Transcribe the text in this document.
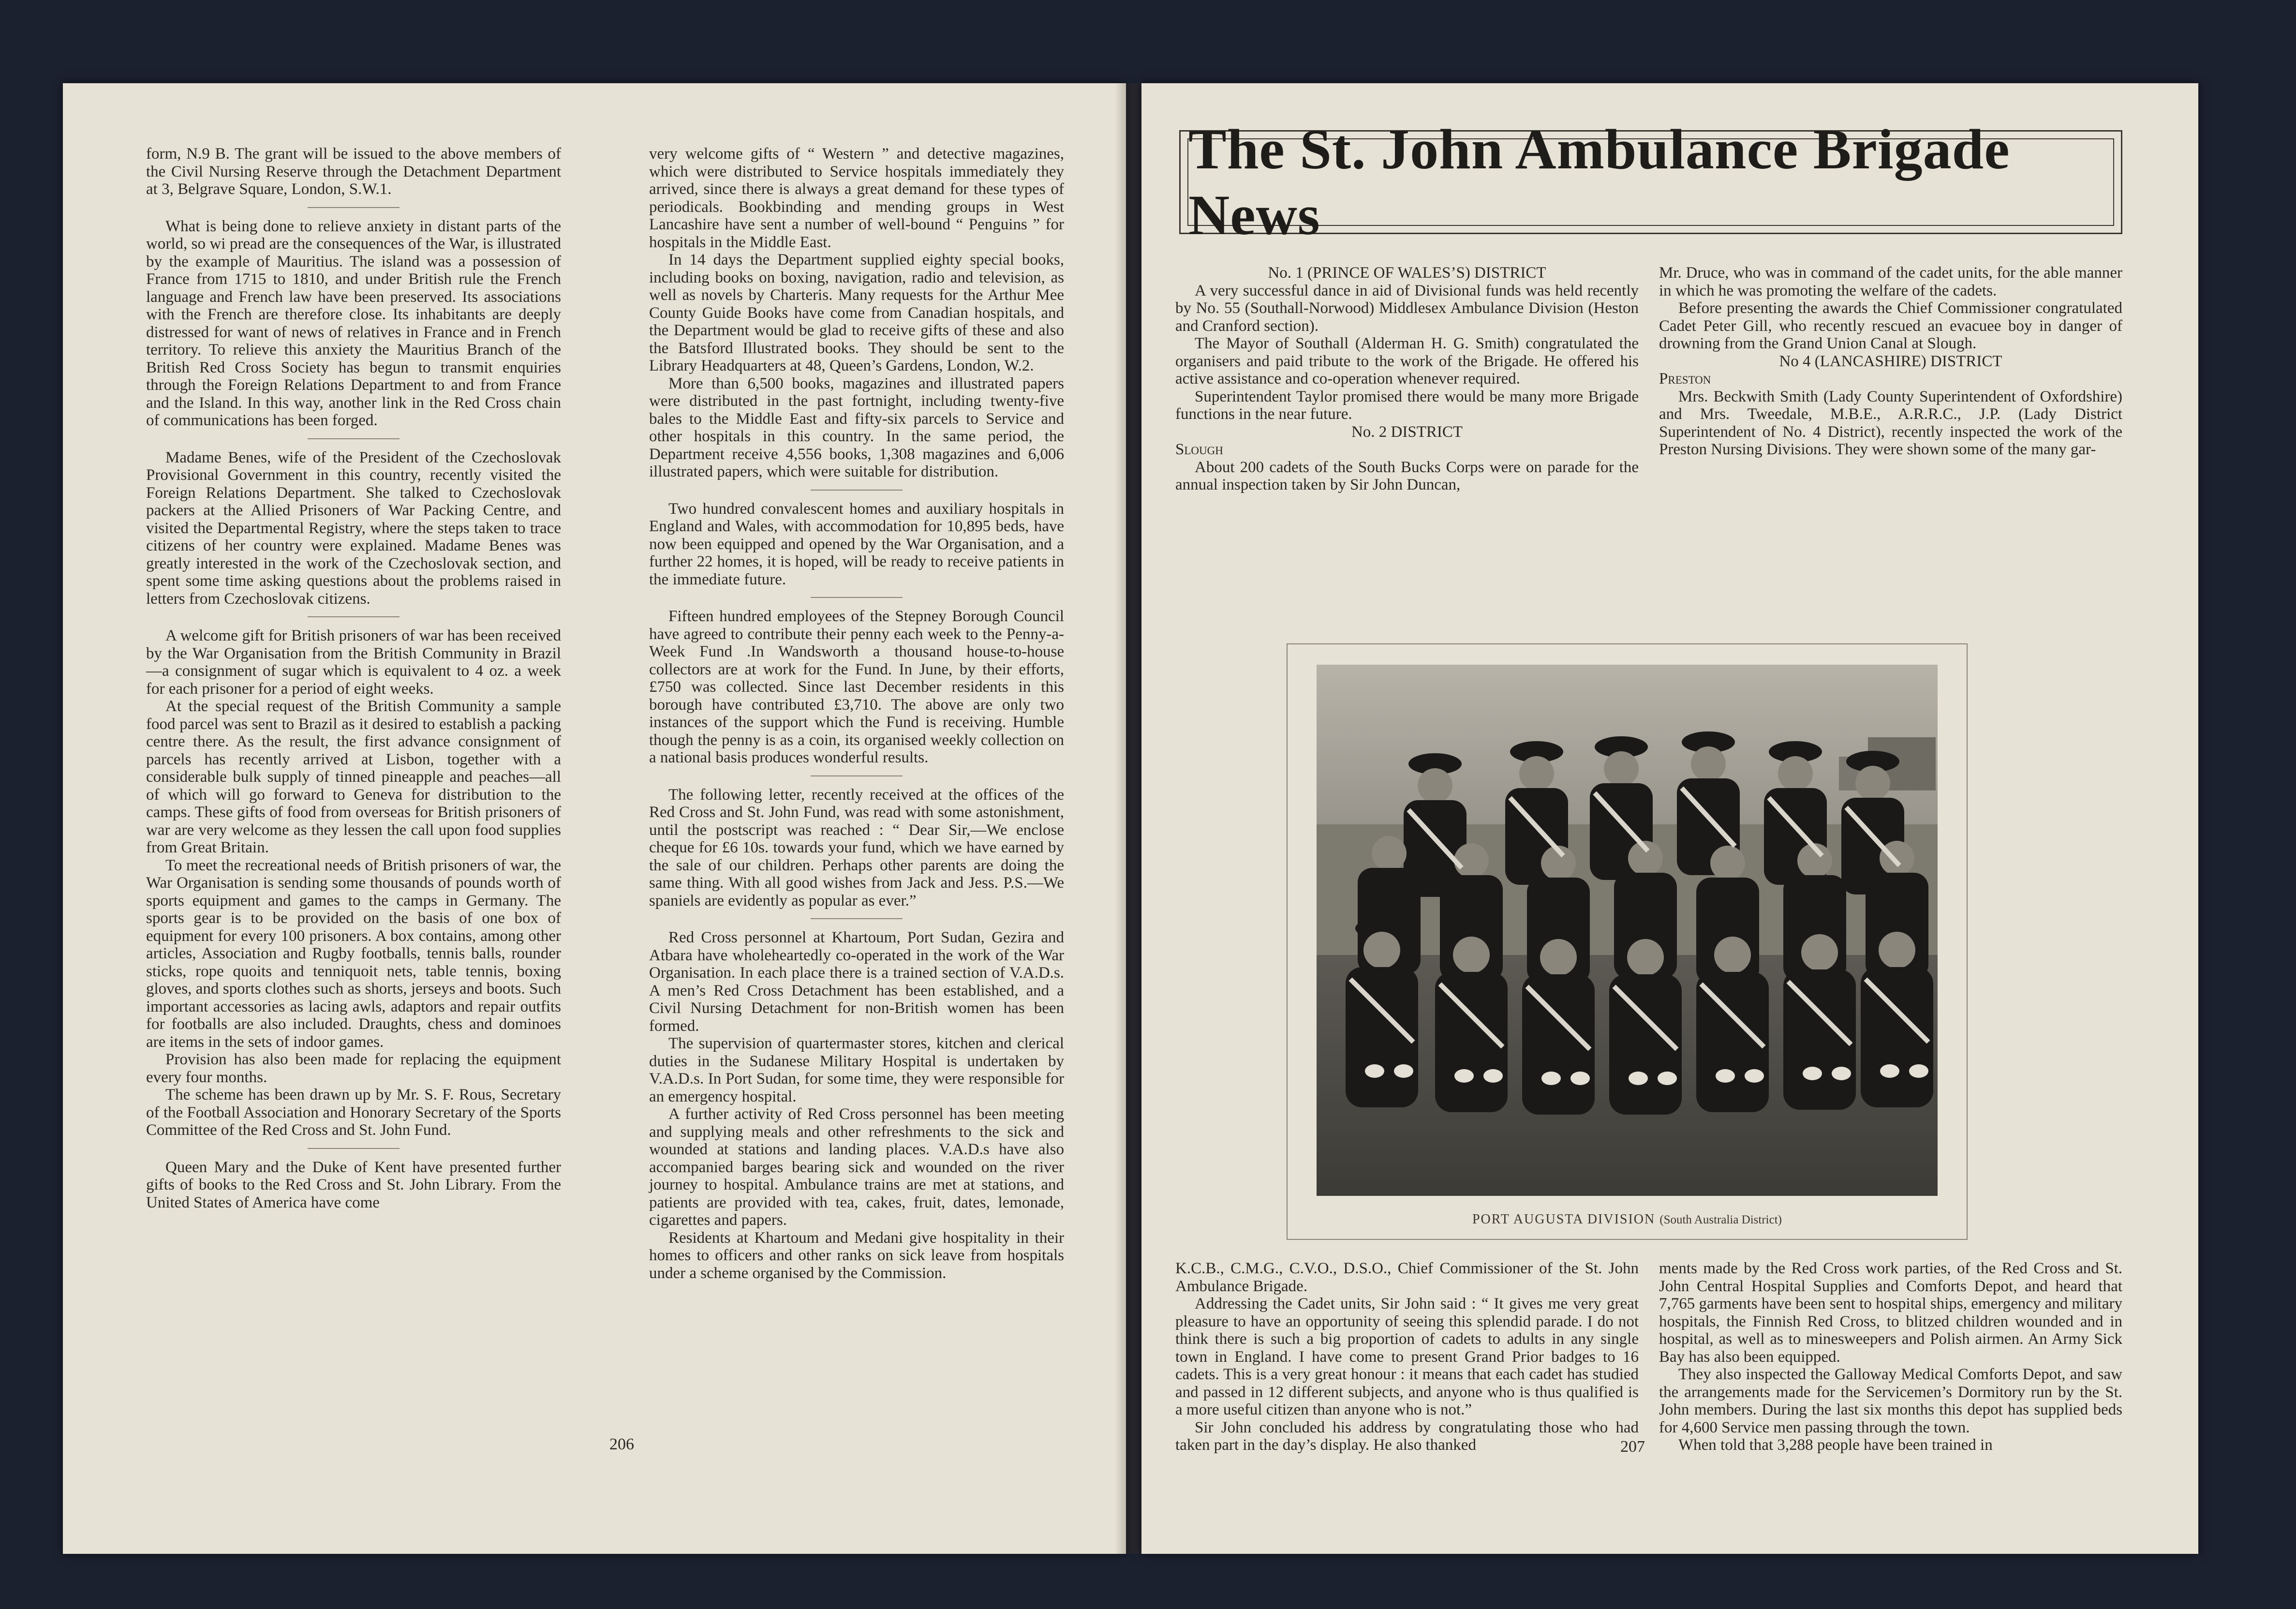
form, N.9 B. The grant will be issued to the above members of the Civil Nursing Reserve through the Detachment Department at 3, Belgrave Square, London, S.W.1.

What is being done to relieve anxiety in distant parts of the world, so wi pread are the consequences of the War, is illustrated by the example of Mauritius. The island was a possession of France from 1715 to 1810, and under British rule the French language and French law have been preserved. Its associations with the French are therefore close. Its inhabitants are deeply distressed for want of news of relatives in France and in French territory. To relieve this anxiety the Mauritius Branch of the British Red Cross Society has begun to transmit enquiries through the Foreign Relations Department to and from France and the Island. In this way, another link in the Red Cross chain of communications has been forged.

Madame Benes, wife of the President of the Czechoslovak Provisional Government in this country, recently visited the Foreign Relations Department. She talked to Czechoslovak packers at the Allied Prisoners of War Packing Centre, and visited the Departmental Registry, where the steps taken to trace citizens of her country were explained. Madame Benes was greatly interested in the work of the Czechoslovak section, and spent some time asking questions about the problems raised in letters from Czechoslovak citizens.

A welcome gift for British prisoners of war has been received by the War Organisation from the British Community in Brazil—a consignment of sugar which is equivalent to 4 oz. a week for each prisoner for a period of eight weeks.

At the special request of the British Community a sample food parcel was sent to Brazil as it desired to establish a packing centre there. As the result, the first advance consignment of parcels has recently arrived at Lisbon, together with a considerable bulk supply of tinned pineapple and peaches—all of which will go forward to Geneva for distribution to the camps. These gifts of food from overseas for British prisoners of war are very welcome as they lessen the call upon food supplies from Great Britain.

To meet the recreational needs of British prisoners of war, the War Organisation is sending some thousands of pounds worth of sports equipment and games to the camps in Germany. The sports gear is to be provided on the basis of one box of equipment for every 100 prisoners. A box contains, among other articles, Association and Rugby footballs, tennis balls, rounder sticks, rope quoits and tenniquoit nets, table tennis, boxing gloves, and sports clothes such as shorts, jerseys and boots. Such important accessories as lacing awls, adaptors and repair outfits for footballs are also included. Draughts, chess and dominoes are items in the sets of indoor games.

Provision has also been made for replacing the equipment every four months.

The scheme has been drawn up by Mr. S. F. Rous, Secretary of the Football Association and Honorary Secretary of the Sports Committee of the Red Cross and St. John Fund.

Queen Mary and the Duke of Kent have presented further gifts of books to the Red Cross and St. John Library. From the United States of America have come

very welcome gifts of “ Western ” and detective magazines, which were distributed to Service hospitals immediately they arrived, since there is always a great demand for these types of periodicals. Bookbinding and mending groups in West Lancashire have sent a number of well-bound “ Penguins ” for hospitals in the Middle East.

In 14 days the Department supplied eighty special books, including books on boxing, navigation, radio and television, as well as novels by Charteris. Many requests for the Arthur Mee County Guide Books have come from Canadian hospitals, and the Department would be glad to receive gifts of these and also the Batsford Illustrated books. They should be sent to the Library Headquarters at 48, Queen’s Gardens, London, W.2.

More than 6,500 books, magazines and illustrated papers were distributed in the past fortnight, including twenty-five bales to the Middle East and fifty-six parcels to Service and other hospitals in this country. In the same period, the Department receive 4,556 books, 1,308 magazines and 6,006 illustrated papers, which were suitable for distribution.

Two hundred convalescent homes and auxiliary hospitals in England and Wales, with accommodation for 10,895 beds, have now been equipped and opened by the War Organisation, and a further 22 homes, it is hoped, will be ready to receive patients in the immediate future.

Fifteen hundred employees of the Stepney Borough Council have agreed to contribute their penny each week to the Penny-a-Week Fund .In Wandsworth a thousand house-to-house collectors are at work for the Fund. In June, by their efforts, £750 was collected. Since last December residents in this borough have contributed £3,710. The above are only two instances of the support which the Fund is receiving. Humble though the penny is as a coin, its organised weekly collection on a national basis produces wonderful results.

The following letter, recently received at the offices of the Red Cross and St. John Fund, was read with some astonishment, until the postscript was reached : “ Dear Sir,—We enclose cheque for £6 10s. towards your fund, which we have earned by the sale of our children. Perhaps other parents are doing the same thing. With all good wishes from Jack and Jess. P.S.—We spaniels are evidently as popular as ever.”

Red Cross personnel at Khartoum, Port Sudan, Gezira and Atbara have wholeheartedly co-operated in the work of the War Organisation. In each place there is a trained section of V.A.D.s. A men’s Red Cross Detachment has been established, and a Civil Nursing Detachment for non-British women has been formed.

The supervision of quartermaster stores, kitchen and clerical duties in the Sudanese Military Hospital is undertaken by V.A.D.s. In Port Sudan, for some time, they were responsible for an emergency hospital.

A further activity of Red Cross personnel has been meeting and supplying meals and other refreshments to the sick and wounded at stations and landing places. V.A.D.s have also accompanied barges bearing sick and wounded on the river journey to hospital. Ambulance trains are met at stations, and patients are provided with tea, cakes, fruit, dates, lemonade, cigarettes and papers.

Residents at Khartoum and Medani give hospitality in their homes to officers and other ranks on sick leave from hospitals under a scheme organised by the Commission.

206
The St. John Ambulance Brigade News

No. 1 (PRINCE OF WALES’S) DISTRICT

A very successful dance in aid of Divisional funds was held recently by No. 55 (Southall-Norwood) Middlesex Ambulance Division (Heston and Cranford section).

The Mayor of Southall (Alderman H. G. Smith) congratulated the organisers and paid tribute to the work of the Brigade. He offered his active assistance and co-operation whenever required.

Superintendent Taylor promised there would be many more Brigade functions in the near future.

No. 2 DISTRICT

Slough

About 200 cadets of the South Bucks Corps were on parade for the annual inspection taken by Sir John Duncan,

Mr. Druce, who was in command of the cadet units, for the able manner in which he was promoting the welfare of the cadets.

Before presenting the awards the Chief Commissioner congratulated Cadet Peter Gill, who recently rescued an evacuee boy in danger of drowning from the Grand Union Canal at Slough.

No 4 (LANCASHIRE) DISTRICT

Preston

Mrs. Beckwith Smith (Lady County Superintendent of Oxfordshire) and Mrs. Tweedale, M.B.E., A.R.R.C., J.P. (Lady District Superintendent of No. 4 District), recently inspected the work of the Preston Nursing Divisions. They were shown some of the many gar-

PORT AUGUSTA DIVISION (South Australia District)

K.C.B., C.M.G., C.V.O., D.S.O., Chief Commissioner of the St. John Ambulance Brigade.

Addressing the Cadet units, Sir John said : “ It gives me very great pleasure to have an opportunity of seeing this splendid parade. I do not think there is such a big proportion of cadets to adults in any single town in England. I have come to present Grand Prior badges to 16 cadets. This is a very great honour : it means that each cadet has studied and passed in 12 different subjects, and anyone who is thus qualified is a more useful citizen than anyone who is not.”

Sir John concluded his address by congratulating those who had taken part in the day’s display. He also thanked

ments made by the Red Cross work parties, of the Red Cross and St. John Central Hospital Supplies and Comforts Depot, and heard that 7,765 garments have been sent to hospital ships, emergency and military hospitals, the Finnish Red Cross, to blitzed children wounded and in hospital, as well as to minesweepers and Polish airmen. An Army Sick Bay has also been equipped.

They also inspected the Galloway Medical Comforts Depot, and saw the arrangements made for the Servicemen’s Dormitory run by the St. John members. During the last six months this depot has supplied beds for 4,600 Service men passing through the town.

When told that 3,288 people have been trained in

207
